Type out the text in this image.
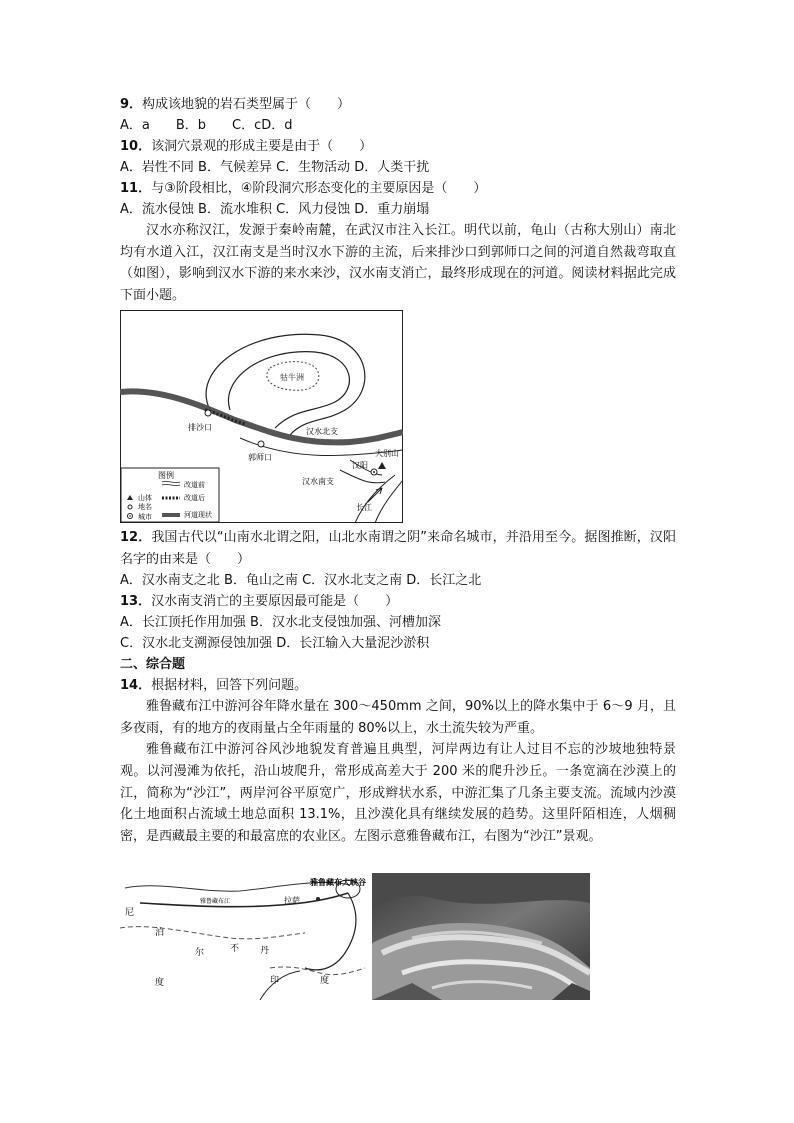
9．构成该地貌的岩石类型属于（　　）

A．a　　B．b　　C．cD．d

10．该洞穴景观的形成主要是由于（　　）

A．岩性不同 B．气候差异 C．生物活动 D．人类干扰

11．与③阶段相比，④阶段洞穴形态变化的主要原因是（　　）

A．流水侵蚀 B．流水堆积 C．风力侵蚀 D．重力崩塌

汉水亦称汉江，发源于秦岭南麓，在武汉市注入长江。明代以前，龟山（古称大别山）南北均有水道入江，汉江南支是当时汉水下游的主流，后来排沙口到郭师口之间的河道自然裁弯取直（如图），影响到汉水下游的来水来沙，汉水南支消亡，最终形成现在的河道。阅读材料据此完成下面小题。

牯牛洲
排沙口
郭师口
汉水北支
汉水南支
汉阳
大别山
长江
图例
山体
地名
城市
改道前
改道后
河道现状

12．我国古代以“山南水北谓之阳，山北水南谓之阴”来命名城市，并沿用至今。据图推断，汉阳名字的由来是（　　）

A．汉水南支之北 B．龟山之南 C．汉水北支之南 D．长江之北

13．汉水南支消亡的主要原因最可能是（　　）

A．长江顶托作用加强 B．汉水北支侵蚀加强、河槽加深

C．汉水北支溯源侵蚀加强 D．长江输入大量泥沙淤积

二、综合题

14．根据材料，回答下列问题。

雅鲁藏布江中游河谷年降水量在 300～450mm 之间，90%以上的降水集中于 6～9 月，且多夜雨，有的地方的夜雨量占全年雨量的 80%以上，水土流失较为严重。

雅鲁藏布江中游河谷风沙地貌发育普遍且典型，河岸两边有让人过目不忘的沙坡地独特景观。以河漫滩为依托，沿山坡爬升，常形成高差大于 200 米的爬升沙丘。一条宽滴在沙漠上的江，简称为“沙江”，两岸河谷平原宽广，形成辫状水系，中游汇集了几条主要支流。流域内沙漠化土地面积占流域土地总面积 13.1%，且沙漠化具有继续发展的趋势。这里阡陌相连，人烟稠密，是西藏最主要的和最富庶的农业区。左图示意雅鲁藏布江，右图为“沙江”景观。

雅鲁藏布大峡谷
拉萨
雅鲁藏布江
尼
泊
尔	不 丹
度	印	度
